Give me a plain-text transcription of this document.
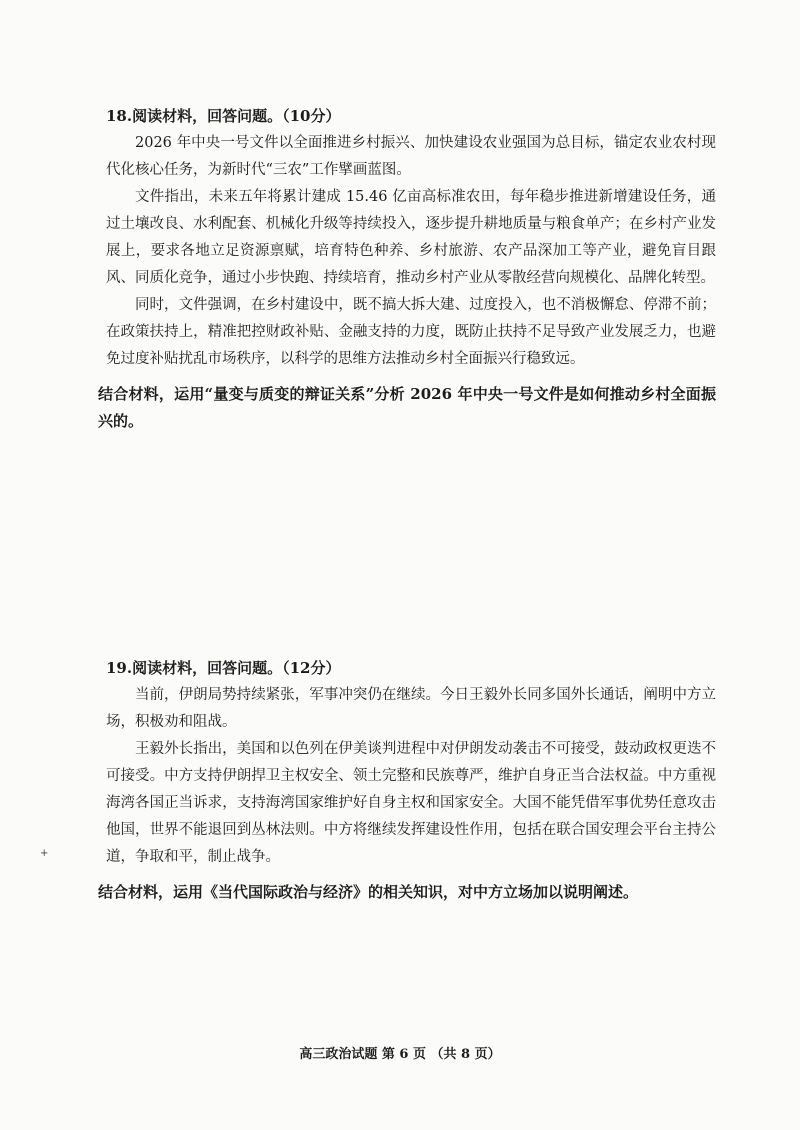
18.阅读材料，回答问题。（10分）

2026 年中央一号文件以全面推进乡村振兴、加快建设农业强国为总目标，锚定农业农村现代化核心任务，为新时代“三农”工作擘画蓝图。

文件指出，未来五年将累计建成 15.46 亿亩高标准农田，每年稳步推进新增建设任务，通过土壤改良、水利配套、机械化升级等持续投入，逐步提升耕地质量与粮食单产；在乡村产业发展上，要求各地立足资源禀赋，培育特色种养、乡村旅游、农产品深加工等产业，避免盲目跟风、同质化竞争，通过小步快跑、持续培育，推动乡村产业从零散经营向规模化、品牌化转型。

同时，文件强调，在乡村建设中，既不搞大拆大建、过度投入，也不消极懈怠、停滞不前；在政策扶持上，精准把控财政补贴、金融支持的力度，既防止扶持不足导致产业发展乏力，也避免过度补贴扰乱市场秩序，以科学的思维方法推动乡村全面振兴行稳致远。

结合材料，运用“量变与质变的辩证关系”分析 2026 年中央一号文件是如何推动乡村全面振兴的。

19.阅读材料，回答问题。（12分）

当前，伊朗局势持续紧张，军事冲突仍在继续。今日王毅外长同多国外长通话，阐明中方立场，积极劝和阻战。

王毅外长指出，美国和以色列在伊美谈判进程中对伊朗发动袭击不可接受，鼓动政权更迭不可接受。中方支持伊朗捍卫主权安全、领土完整和民族尊严，维护自身正当合法权益。中方重视海湾各国正当诉求，支持海湾国家维护好自身主权和国家安全。大国不能凭借军事优势任意攻击他国，世界不能退回到丛林法则。中方将继续发挥建设性作用，包括在联合国安理会平台主持公道，争取和平，制止战争。

结合材料，运用《当代国际政治与经济》的相关知识，对中方立场加以说明阐述。

+
高三政治试题 第 6 页 （共 8 页）
